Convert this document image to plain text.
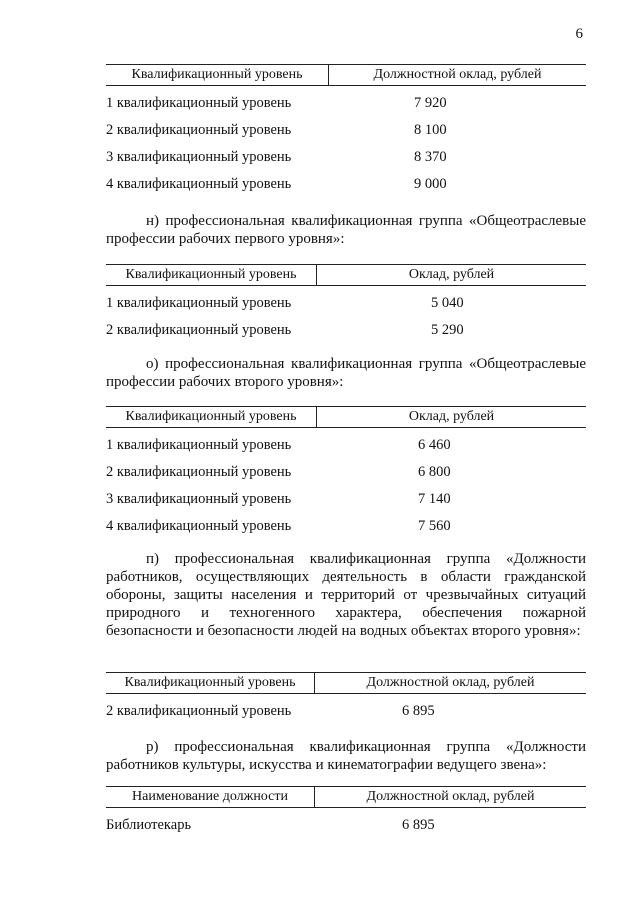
6
Квалификационный уровень	Должностной оклад, рублей
1 квалификационный уровень	7 920
2 квалификационный уровень	8 100
3 квалификационный уровень	8 370
4 квалификационный уровень	9 000

н) профессиональная квалификационная группа «Общеотраслевые профессии рабочих первого уровня»:

Квалификационный уровень	Оклад, рублей
1 квалификационный уровень	5 040
2 квалификационный уровень	5 290

о) профессиональная квалификационная группа «Общеотраслевые профессии рабочих второго уровня»:

Квалификационный уровень	Оклад, рублей
1 квалификационный уровень	6 460
2 квалификационный уровень	6 800
3 квалификационный уровень	7 140
4 квалификационный уровень	7 560

п) профессиональная квалификационная группа «Должности работников, осуществляющих деятельность в области гражданской обороны, защиты населения и территорий от чрезвычайных ситуаций природного и техногенного характера, обеспечения пожарной безопасности и безопасности людей на водных объектах второго уровня»:

Квалификационный уровень	Должностной оклад, рублей
2 квалификационный уровень	6 895

р) профессиональная квалификационная группа «Должности работников культуры, искусства и кинематографии ведущего звена»:

Наименование должности	Должностной оклад, рублей
Библиотекарь	6 895
